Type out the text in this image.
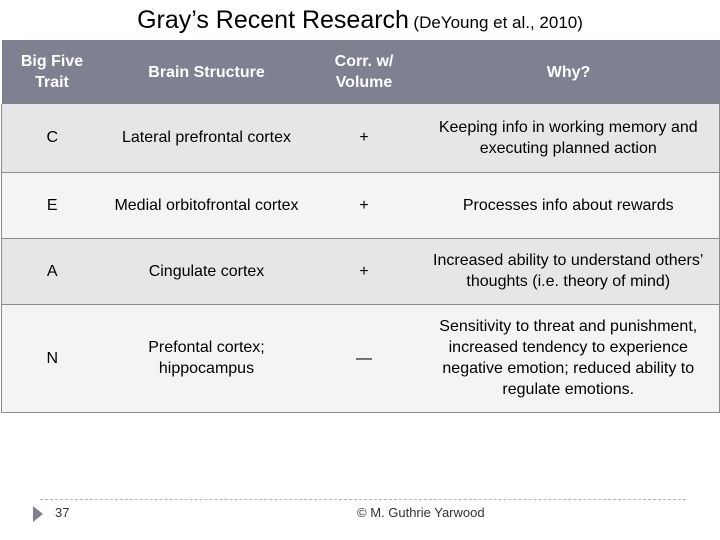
Gray’s Recent Research (DeYoung et al., 2010)
Big Five Trait	Brain Structure	Corr. w/ Volume	Why?
C	Lateral prefrontal cortex	+	Keeping info in working memory and executing planned action
E	Medial orbitofrontal cortex	+	Processes info about rewards
A	Cingulate cortex	+	Increased ability to understand others’ thoughts (i.e. theory of mind)
N	Prefontal cortex; hippocampus	—	Sensitivity to threat and punishment, increased tendency to experience negative emotion; reduced ability to regulate emotions.
37	© M. Guthrie Yarwood
